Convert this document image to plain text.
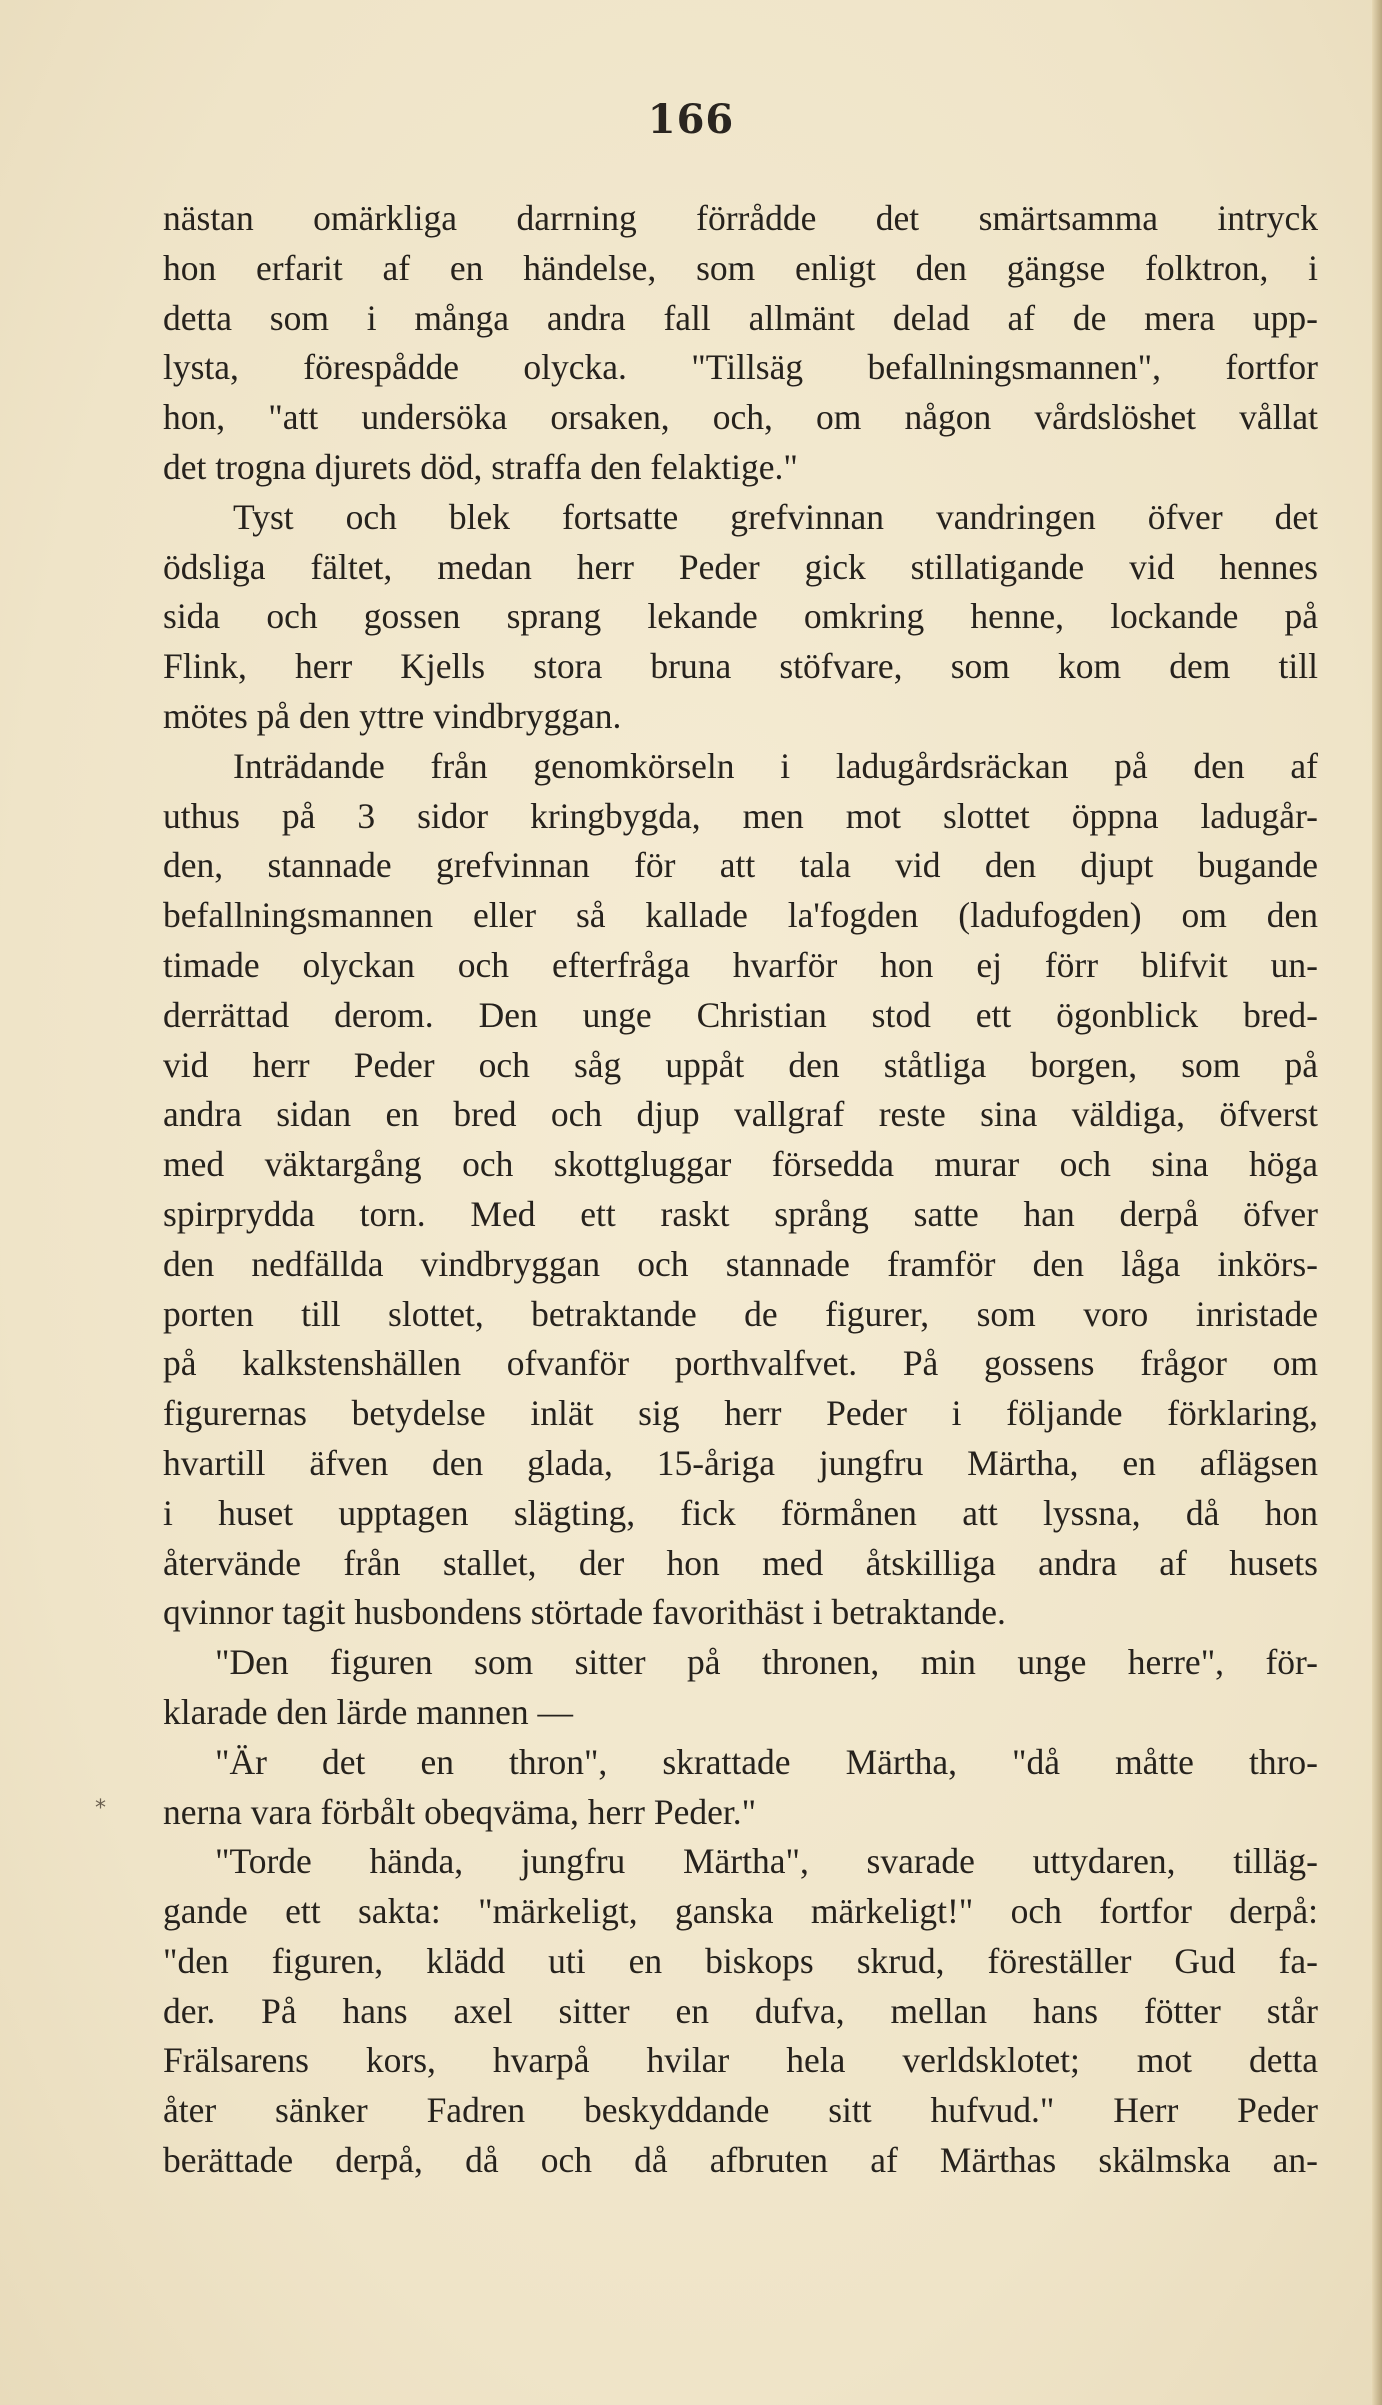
166
*
nästan omärkliga darrning förrådde det smärtsamma intryck
hon erfarit af en händelse, som enligt den gängse folktron, i
detta som i många andra fall allmänt delad af de mera upp-
lysta, förespådde olycka. "Tillsäg befallningsmannen", fortfor
hon, "att undersöka orsaken, och, om någon vårdslöshet vållat
det trogna djurets död, straffa den felaktige."
Tyst och blek fortsatte grefvinnan vandringen öfver det
ödsliga fältet, medan herr Peder gick stillatigande vid hennes
sida och gossen sprang lekande omkring henne, lockande på
Flink, herr Kjells stora bruna stöfvare, som kom dem till
mötes på den yttre vindbryggan.
Inträdande från genomkörseln i ladugårdsräckan på den af
uthus på 3 sidor kringbygda, men mot slottet öppna ladugår-
den, stannade grefvinnan för att tala vid den djupt bugande
befallningsmannen eller så kallade la'fogden (ladufogden) om den
timade olyckan och efterfråga hvarför hon ej förr blifvit un-
derrättad derom. Den unge Christian stod ett ögonblick bred-
vid herr Peder och såg uppåt den ståtliga borgen, som på
andra sidan en bred och djup vallgraf reste sina väldiga, öfverst
med väktargång och skottgluggar försedda murar och sina höga
spirprydda torn. Med ett raskt språng satte han derpå öfver
den nedfällda vindbryggan och stannade framför den låga inkörs-
porten till slottet, betraktande de figurer, som voro inristade
på kalkstenshällen ofvanför porthvalfvet. På gossens frågor om
figurernas betydelse inlät sig herr Peder i följande förklaring,
hvartill äfven den glada, 15-åriga jungfru Märtha, en aflägsen
i huset upptagen slägting, fick förmånen att lyssna, då hon
återvände från stallet, der hon med åtskilliga andra af husets
qvinnor tagit husbondens störtade favorithäst i betraktande.
"Den figuren som sitter på thronen, min unge herre", för-
klarade den lärde mannen —
"Är det en thron", skrattade Märtha, "då måtte thro-
nerna vara förbålt obeqväma, herr Peder."
"Torde hända, jungfru Märtha", svarade uttydaren, tilläg-
gande ett sakta: "märkeligt, ganska märkeligt!" och fortfor derpå:
"den figuren, klädd uti en biskops skrud, föreställer Gud fa-
der. På hans axel sitter en dufva, mellan hans fötter står
Frälsarens kors, hvarpå hvilar hela verldsklotet; mot detta
åter sänker Fadren beskyddande sitt hufvud." Herr Peder
berättade derpå, då och då afbruten af Märthas skälmska an-
